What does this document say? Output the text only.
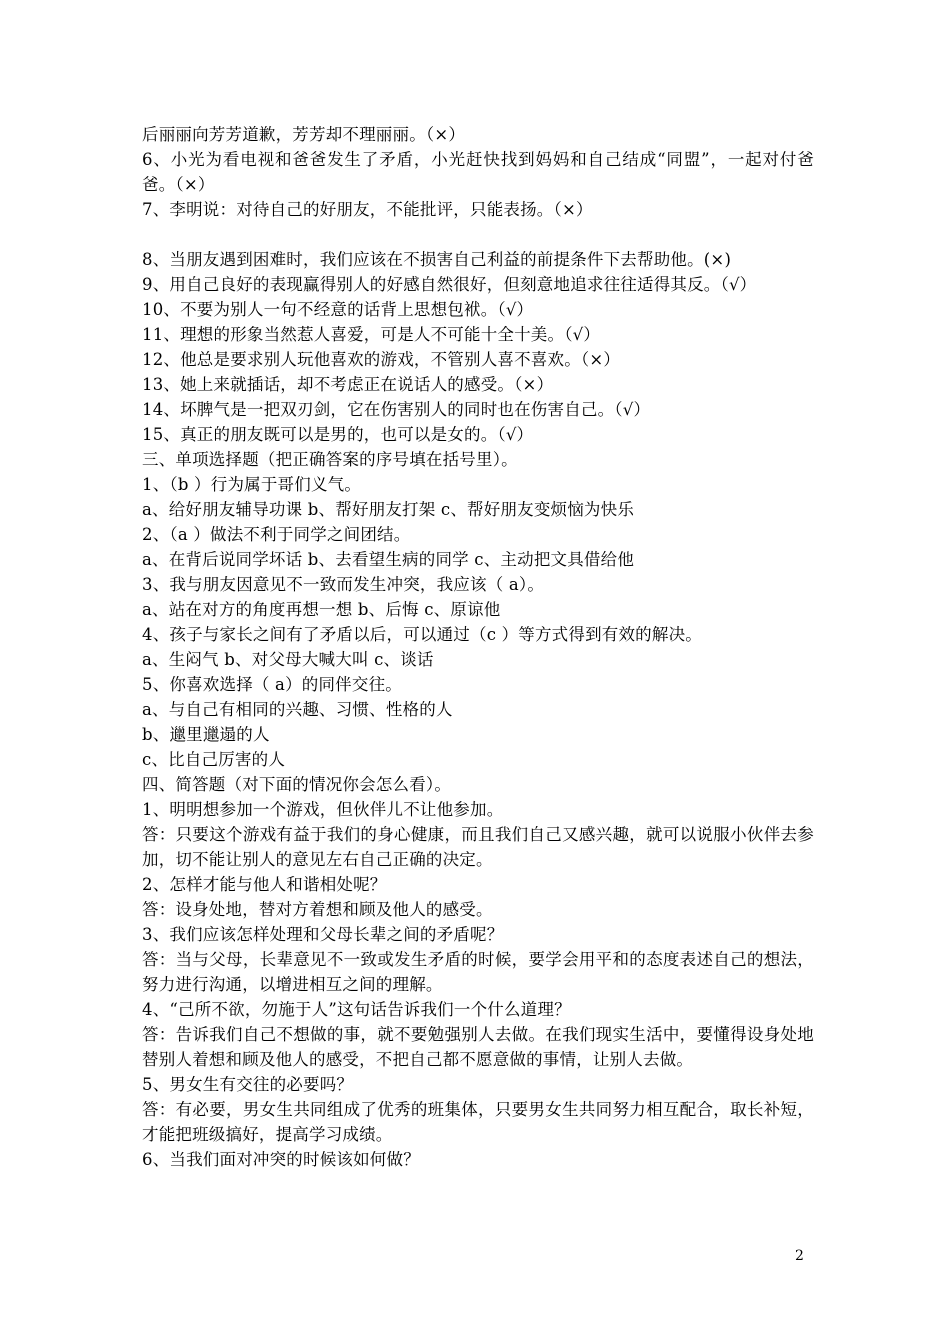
后丽丽向芳芳道歉，芳芳却不理丽丽。（×）
6、小光为看电视和爸爸发生了矛盾，小光赶快找到妈妈和自己结成“同盟”，一起对付爸爸。（×）
7、李明说：对待自己的好朋友，不能批评，只能表扬。（×）
8、当朋友遇到困难时，我们应该在不损害自己利益的前提条件下去帮助他。(×)
9、用自己良好的表现赢得别人的好感自然很好，但刻意地追求往往适得其反。（√）
10、不要为别人一句不经意的话背上思想包袱。（√）
11、理想的形象当然惹人喜爱，可是人不可能十全十美。（√）
12、他总是要求别人玩他喜欢的游戏，不管别人喜不喜欢。（×）
13、她上来就插话，却不考虑正在说话人的感受。（×）
14、坏脾气是一把双刃剑，它在伤害别人的同时也在伤害自己。（√）
15、真正的朋友既可以是男的，也可以是女的。（√）
三、单项选择题（把正确答案的序号填在括号里）。
1、（b ）行为属于哥们义气。
a、给好朋友辅导功课 b、帮好朋友打架 c、帮好朋友变烦恼为快乐
2、（a ）做法不利于同学之间团结。
a、在背后说同学坏话 b、去看望生病的同学 c、主动把文具借给他
3、我与朋友因意见不一致而发生冲突，我应该（ a）。
a、站在对方的角度再想一想 b、后悔 c、原谅他
4、孩子与家长之间有了矛盾以后，可以通过（c ）等方式得到有效的解决。
a、生闷气 b、对父母大喊大叫 c、谈话
5、你喜欢选择（ a）的同伴交往。
a、与自己有相同的兴趣、习惯、性格的人
b、邋里邋遢的人
c、比自己厉害的人
四、简答题（对下面的情况你会怎么看）。
1、明明想参加一个游戏，但伙伴儿不让他参加。
答：只要这个游戏有益于我们的身心健康，而且我们自己又感兴趣，就可以说服小伙伴去参加，切不能让别人的意见左右自己正确的决定。
2、怎样才能与他人和谐相处呢？
答：设身处地，替对方着想和顾及他人的感受。
3、我们应该怎样处理和父母长辈之间的矛盾呢？
答：当与父母，长辈意见不一致或发生矛盾的时候，要学会用平和的态度表述自己的想法，努力进行沟通，以增进相互之间的理解。
4、“己所不欲，勿施于人”这句话告诉我们一个什么道理？
答：告诉我们自己不想做的事，就不要勉强别人去做。在我们现实生活中，要懂得设身处地替别人着想和顾及他人的感受，不把自己都不愿意做的事情，让别人去做。
5、男女生有交往的必要吗？
答：有必要，男女生共同组成了优秀的班集体，只要男女生共同努力相互配合，取长补短，才能把班级搞好，提高学习成绩。
6、当我们面对冲突的时候该如何做？
2
